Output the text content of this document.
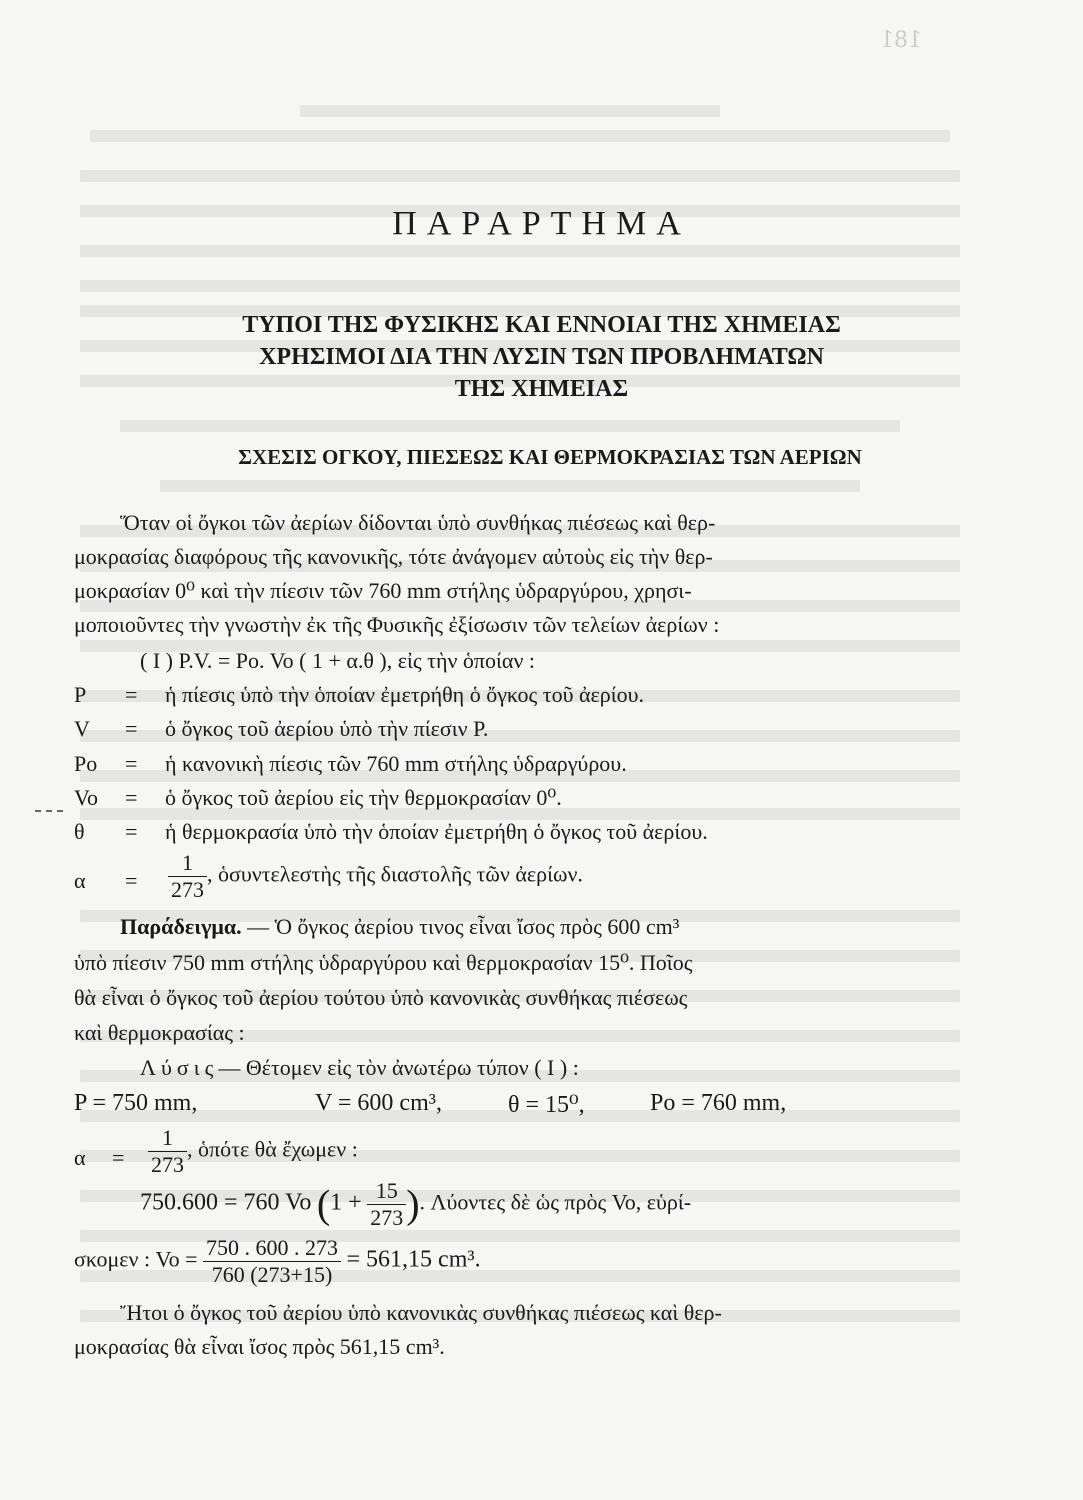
181
ΠΑΡΑΡΤΗΜΑ
ΤΥΠΟΙ ΤΗΣ ΦΥΣΙΚΗΣ ΚΑΙ ΕΝΝΟΙΑΙ ΤΗΣ ΧΗΜΕΙΑΣ
ΧΡΗΣΙΜΟΙ ΔΙΑ ΤΗΝ ΛΥΣΙΝ ΤΩΝ ΠΡΟΒΛΗΜΑΤΩΝ
ΤΗΣ ΧΗΜΕΙΑΣ
ΣΧΕΣΙΣ ΟΓΚΟΥ, ΠΙΕΣΕΩΣ ΚΑΙ ΘΕΡΜΟΚΡΑΣΙΑΣ ΤΩΝ ΑΕΡΙΩΝ
Ὅταν οἱ ὄγκοι τῶν ἀερίων δίδονται ὑπὸ συνθήκας πιέσεως καὶ θερ-
μοκρασίας διαφόρους τῆς κανονικῆς, τότε ἀνάγομεν αὐτοὺς εἰς τὴν θερ-
μοκρασίαν 0⁰ καὶ τὴν πίεσιν τῶν 760 mm στήλης ὑδραργύρου, χρησι-
μοποιοῦντες τὴν γνωστὴν ἐκ τῆς Φυσικῆς ἐξίσωσιν τῶν τελείων ἀερίων :
( I ) P.V. = Po. Vo ( 1 + α.θ ), εἰς τὴν ὁποίαν :
P = ἡ πίεσις ὑπὸ τὴν ὁποίαν ἐμετρήθη ὁ ὄγκος τοῦ ἀερίου.
V = ὁ ὄγκος τοῦ ἀερίου ὑπὸ τὴν πίεσιν P.
Po = ἡ κανονικὴ πίεσις τῶν 760 mm στήλης ὑδραργύρου.
Vo = ὁ ὄγκος τοῦ ἀερίου εἰς τὴν θερμοκρασίαν 0⁰.
θ = ἡ θερμοκρασία ὑπὸ τὴν ὁποίαν ἐμετρήθη ὁ ὄγκος τοῦ ἀερίου.
$\alpha = \frac{1}{273}$ , ὁσυντελεστὴς τῆς διαστολῆς τῶν ἀερίων.
Παράδειγμα. — Ὁ ὄγκος ἀερίου τινος εἶναι ἴσος πρὸς 600 cm³
ὑπὸ πίεσιν 750 mm στήλης ὑδραργύρου καὶ θερμοκρασίαν 15⁰. Ποῖος
θὰ εἶναι ὁ ὄγκος τοῦ ἀερίου τούτου ὑπὸ κανονικὰς συνθήκας πιέσεως
καὶ θερμοκρασίας :
Λύσις— Θέτομεν εἰς τὸν ἀνωτέρω τύπον ( I ) :
P = 750 mm,	V = 600 cm³,	θ = 15⁰,	Po = 760 mm,
$\alpha = \frac{1}{273}$ , ὁπότε θὰ ἔχωμεν :
750.600 = 760 Vo ($1 + \frac{15}{273}$ ). Λύοντες δὲ ὡς πρὸς Vo, εὑρί-
σκομεν : $Vo = \frac{750 . 600 . 273}{760 (273+15)} = 561,15$ cm³.
Ἤτοι ὁ ὄγκος τοῦ ἀερίου ὑπὸ κανονικὰς συνθήκας πιέσεως καὶ θερ-
μοκρασίας θὰ εἶναι ἴσος πρὸς 561,15 cm³.
